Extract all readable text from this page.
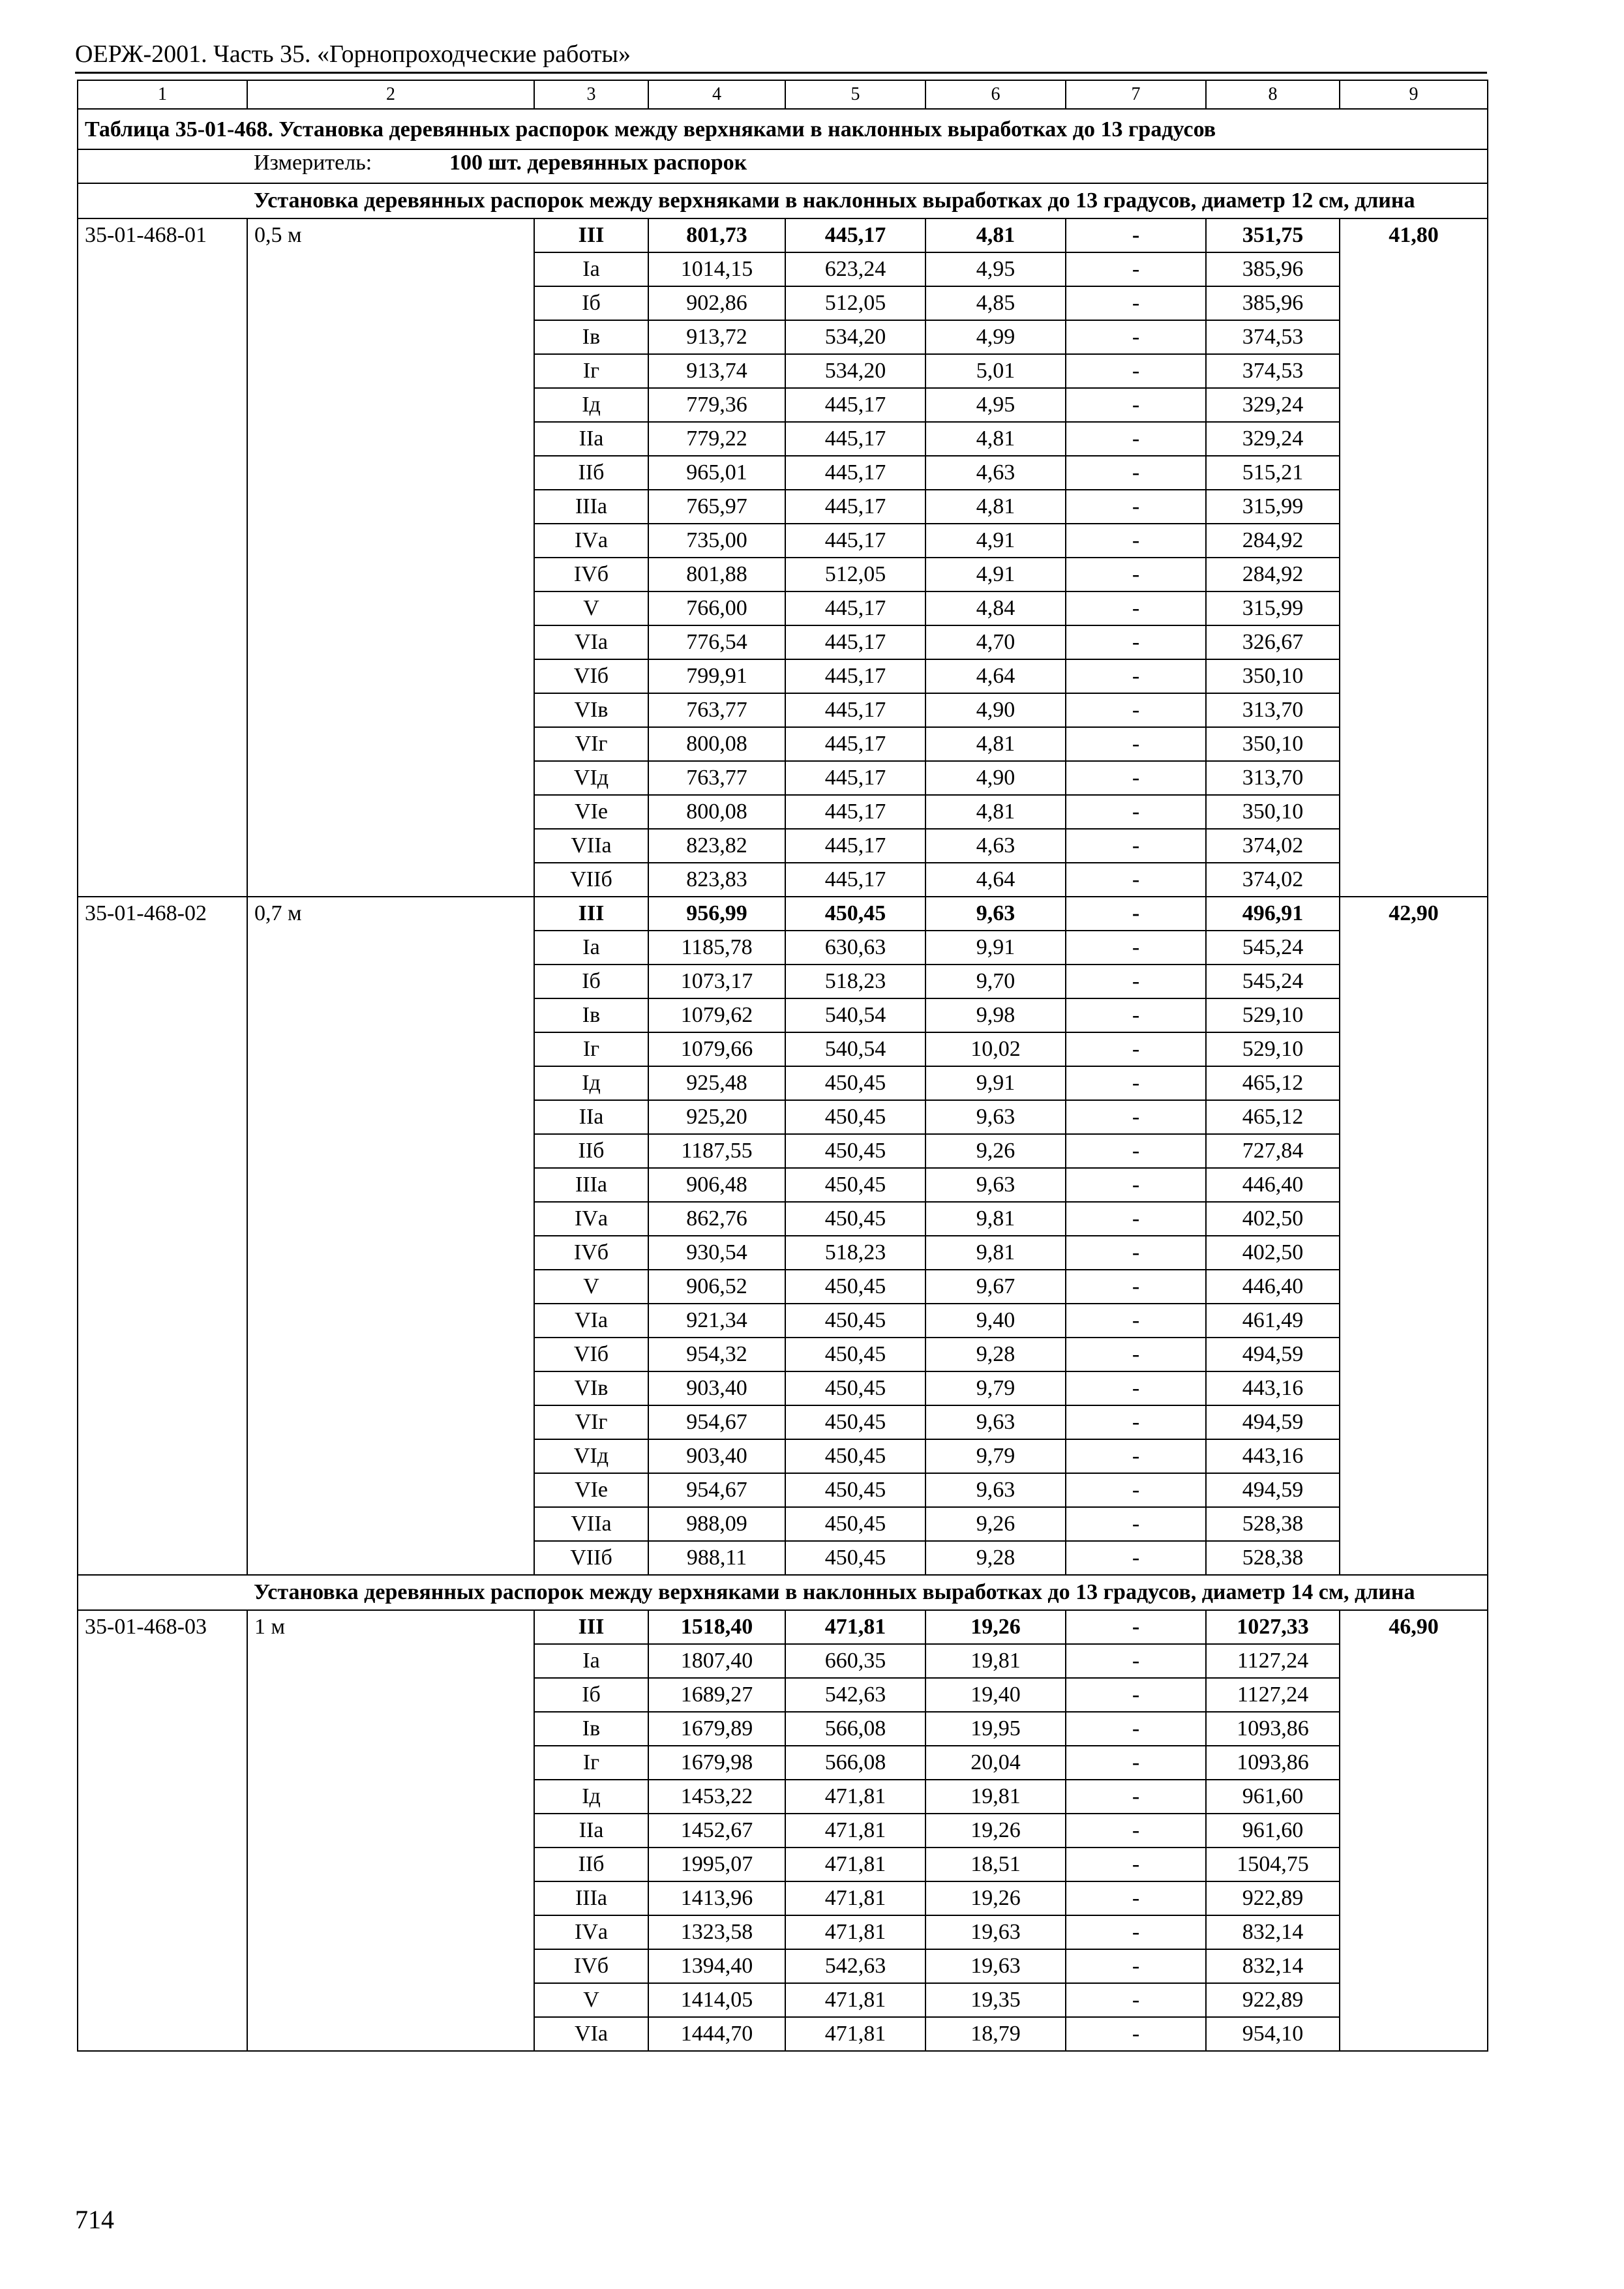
ОЕРЖ-2001. Часть 35. «Горнопроходческие работы»
1	2	3	4	5	6	7	8	9
Таблица 35-01-468. Установка деревянных распорок между верхняками в наклонных выработках до 13 градусов								
	Измеритель: 100 шт. деревянных распорок							
	Установка деревянных распорок между верхняками в наклонных выработках до 13 градусов, диаметр 12 см, длина							
35-01-468-01	0,5 м	III	801,73	445,17	4,81	-	351,75	41,80
		Iа	1014,15	623,24	4,95	-	385,96	
		Iб	902,86	512,05	4,85	-	385,96	
		Iв	913,72	534,20	4,99	-	374,53	
		Iг	913,74	534,20	5,01	-	374,53	
		Iд	779,36	445,17	4,95	-	329,24	
		IIа	779,22	445,17	4,81	-	329,24	
		IIб	965,01	445,17	4,63	-	515,21	
		IIIа	765,97	445,17	4,81	-	315,99	
		IVа	735,00	445,17	4,91	-	284,92	
		IVб	801,88	512,05	4,91	-	284,92	
		V	766,00	445,17	4,84	-	315,99	
		VIа	776,54	445,17	4,70	-	326,67	
		VIб	799,91	445,17	4,64	-	350,10	
		VIв	763,77	445,17	4,90	-	313,70	
		VIг	800,08	445,17	4,81	-	350,10	
		VIд	763,77	445,17	4,90	-	313,70	
		VIе	800,08	445,17	4,81	-	350,10	
		VIIа	823,82	445,17	4,63	-	374,02	
		VIIб	823,83	445,17	4,64	-	374,02	
35-01-468-02	0,7 м	III	956,99	450,45	9,63	-	496,91	42,90
		Iа	1185,78	630,63	9,91	-	545,24	
		Iб	1073,17	518,23	9,70	-	545,24	
		Iв	1079,62	540,54	9,98	-	529,10	
		Iг	1079,66	540,54	10,02	-	529,10	
		Iд	925,48	450,45	9,91	-	465,12	
		IIа	925,20	450,45	9,63	-	465,12	
		IIб	1187,55	450,45	9,26	-	727,84	
		IIIа	906,48	450,45	9,63	-	446,40	
		IVа	862,76	450,45	9,81	-	402,50	
		IVб	930,54	518,23	9,81	-	402,50	
		V	906,52	450,45	9,67	-	446,40	
		VIа	921,34	450,45	9,40	-	461,49	
		VIб	954,32	450,45	9,28	-	494,59	
		VIв	903,40	450,45	9,79	-	443,16	
		VIг	954,67	450,45	9,63	-	494,59	
		VIд	903,40	450,45	9,79	-	443,16	
		VIе	954,67	450,45	9,63	-	494,59	
		VIIа	988,09	450,45	9,26	-	528,38	
		VIIб	988,11	450,45	9,28	-	528,38	
	Установка деревянных распорок между верхняками в наклонных выработках до 13 градусов, диаметр 14 см, длина							
35-01-468-03	1 м	III	1518,40	471,81	19,26	-	1027,33	46,90
		Iа	1807,40	660,35	19,81	-	1127,24	
		Iб	1689,27	542,63	19,40	-	1127,24	
		Iв	1679,89	566,08	19,95	-	1093,86	
		Iг	1679,98	566,08	20,04	-	1093,86	
		Iд	1453,22	471,81	19,81	-	961,60	
		IIа	1452,67	471,81	19,26	-	961,60	
		IIб	1995,07	471,81	18,51	-	1504,75	
		IIIа	1413,96	471,81	19,26	-	922,89	
		IVа	1323,58	471,81	19,63	-	832,14	
		IVб	1394,40	542,63	19,63	-	832,14	
		V	1414,05	471,81	19,35	-	922,89	
		VIа	1444,70	471,81	18,79	-	954,10	
714
